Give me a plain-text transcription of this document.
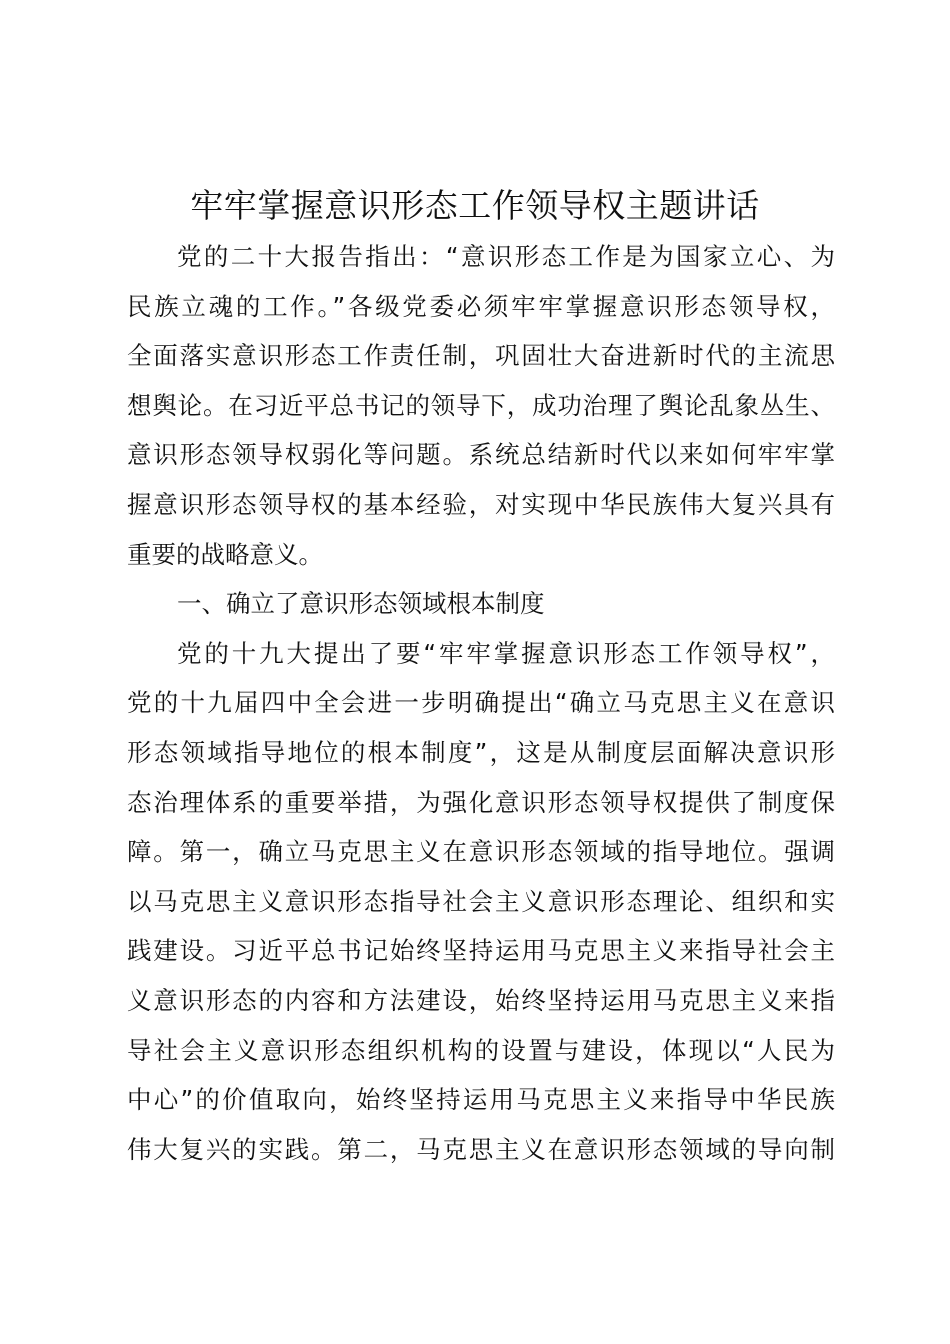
牢牢掌握意识形态工作领导权主题讲话
党的二十大报告指出：“意识形态工作是为国家立心、为
民族立魂的工作。”各级党委必须牢牢掌握意识形态领导权，
全面落实意识形态工作责任制，巩固壮大奋进新时代的主流思
想舆论。在习近平总书记的领导下，成功治理了舆论乱象丛生、
意识形态领导权弱化等问题。系统总结新时代以来如何牢牢掌
握意识形态领导权的基本经验，对实现中华民族伟大复兴具有
重要的战略意义。
一、确立了意识形态领域根本制度
党的十九大提出了要“牢牢掌握意识形态工作领导权”，
党的十九届四中全会进一步明确提出“确立马克思主义在意识
形态领域指导地位的根本制度”，这是从制度层面解决意识形
态治理体系的重要举措，为强化意识形态领导权提供了制度保
障。第一，确立马克思主义在意识形态领域的指导地位。强调
以马克思主义意识形态指导社会主义意识形态理论、组织和实
践建设。习近平总书记始终坚持运用马克思主义来指导社会主
义意识形态的内容和方法建设，始终坚持运用马克思主义来指
导社会主义意识形态组织机构的设置与建设，体现以“人民为
中心”的价值取向，始终坚持运用马克思主义来指导中华民族
伟大复兴的实践。第二，马克思主义在意识形态领域的导向制
